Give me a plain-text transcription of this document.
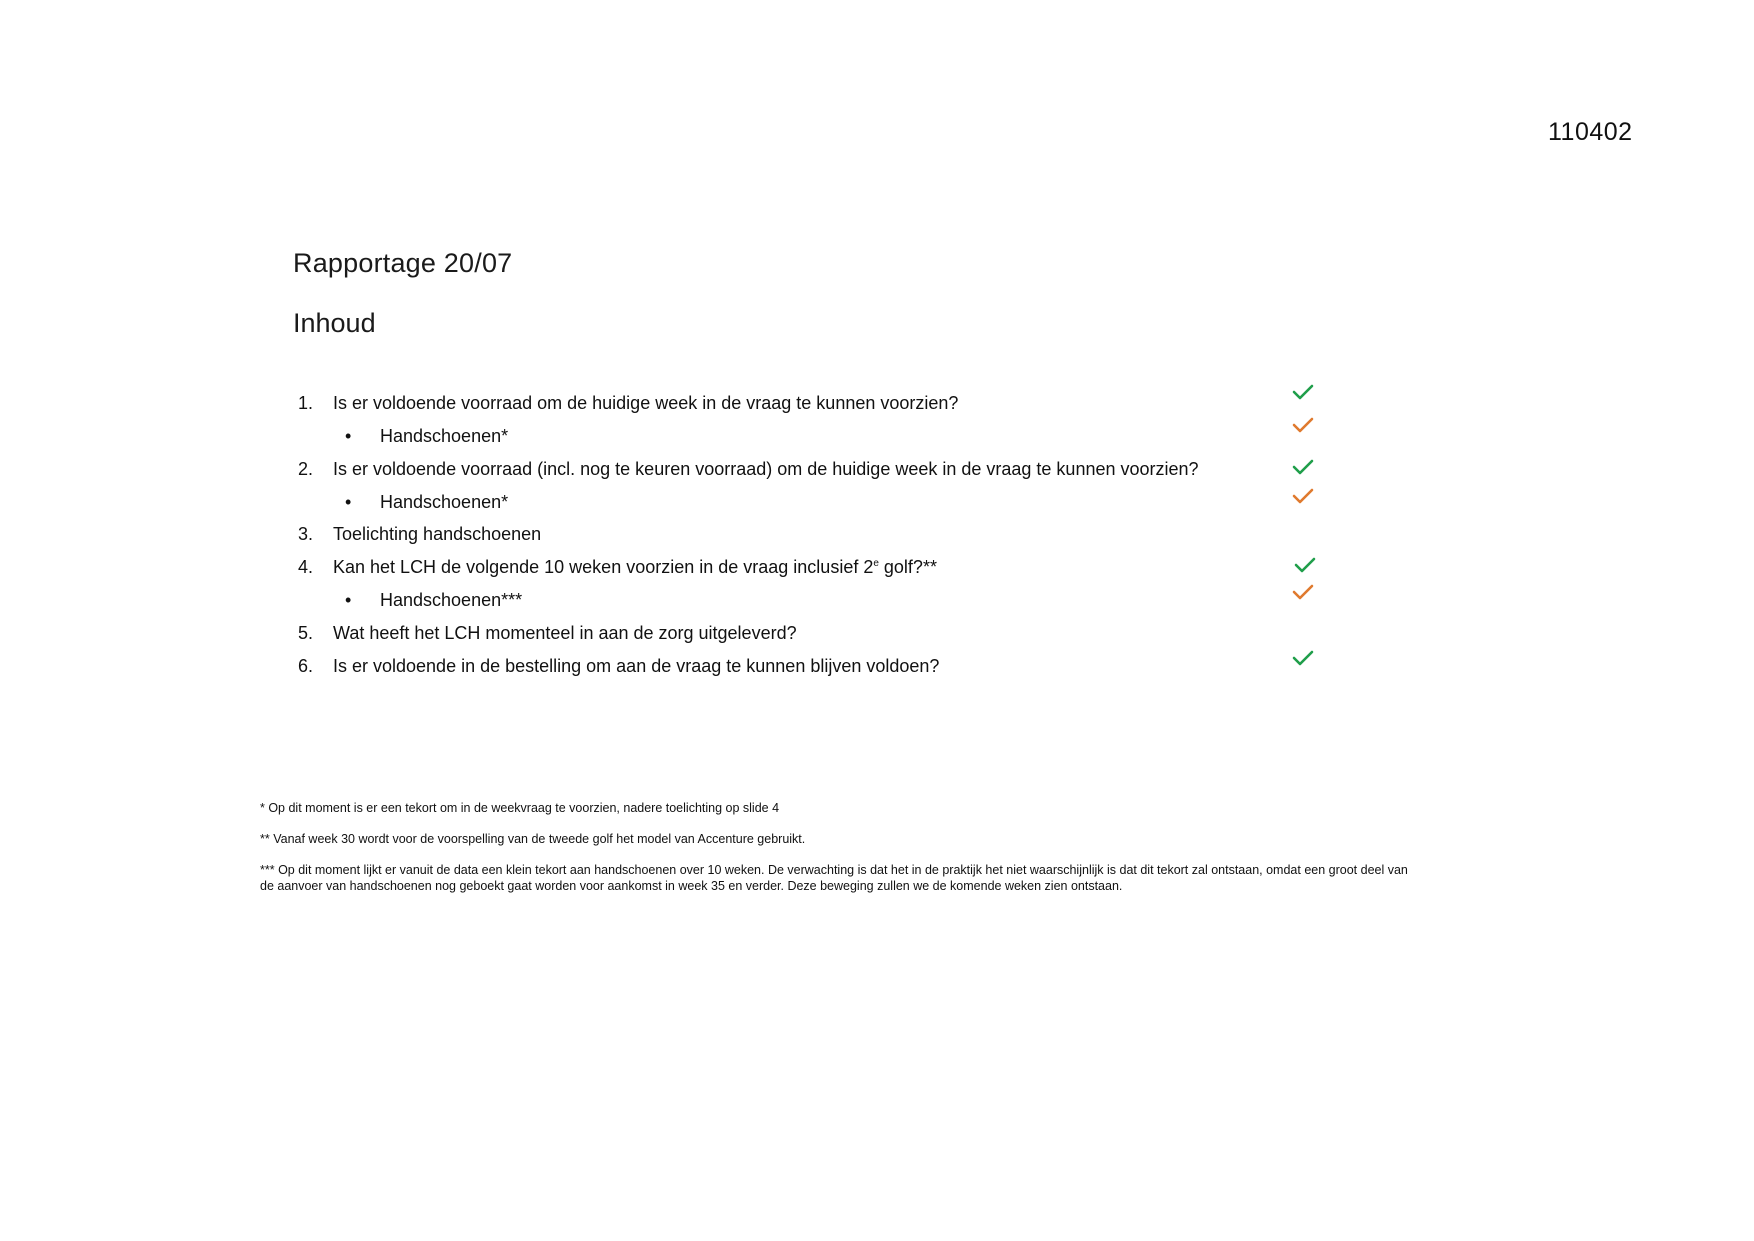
110402
Rapportage 20/07
Inhoud
1. Is er voldoende voorraad om de huidige week in de vraag te kunnen voorzien?
• Handschoenen*
2. Is er voldoende voorraad (incl. nog te keuren voorraad) om de huidige week in de vraag te kunnen voorzien?
• Handschoenen*
3. Toelichting handschoenen
4. Kan het LCH de volgende 10 weken voorzien in de vraag inclusief 2e golf?**
• Handschoenen***
5. Wat heeft het LCH momenteel in aan de zorg uitgeleverd?
6. Is er voldoende in de bestelling om aan de vraag te kunnen blijven voldoen?

* Op dit moment is er een tekort om in de weekvraag te voorzien, nadere toelichting op slide 4

** Vanaf week 30 wordt voor de voorspelling van de tweede golf het model van Accenture gebruikt.

*** Op dit moment lijkt er vanuit de data een klein tekort aan handschoenen over 10 weken. De verwachting is dat het in de praktijk het niet waarschijnlijk is dat dit tekort zal ontstaan, omdat een groot deel van de aanvoer van handschoenen nog geboekt gaat worden voor aankomst in week 35 en verder. Deze beweging zullen we de komende weken zien ontstaan.
